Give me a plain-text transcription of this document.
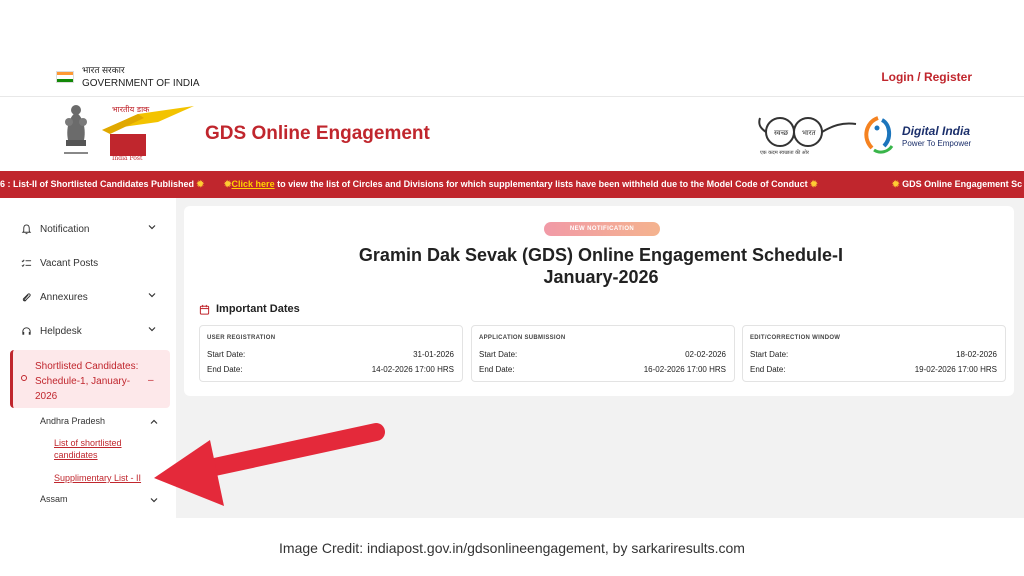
भारत सरकार
GOVERNMENT OF INDIA	Login / Register
भारतीय डाक
India Post
GDS Online Engagement	स्वच्छ भारत
एक कदम स्वच्छता की ओर
Digital India
Power To Empower
6 : List-II of Shortlisted Candidates Published ✹ ✹Click here to view the list of Circles and Divisions for which supplementary lists have been withheld due to the Model Code of Conduct ✹	✹ GDS Online Engagement Sc
Notification
Vacant Posts
Annexures
Helpdesk
Shortlisted Candidates: Schedule-1, January-2026
–
Andhra Pradesh
List of shortlisted candidates
Supplimentary List - II
Assam
NEW NOTIFICATION
Gramin Dak Sevak (GDS) Online Engagement Schedule-I
January-2026
Important Dates
USER REGISTRATION
Start Date:	31-01-2026
End Date:	14-02-2026 17:00 HRS
APPLICATION SUBMISSION
Start Date:	02-02-2026
End Date:	16-02-2026 17:00 HRS
EDIT/CORRECTION WINDOW
Start Date:	18-02-2026
End Date:	19-02-2026 17:00 HRS
Image Credit: indiapost.gov.in/gdsonlineengagement, by sarkariresults.com
